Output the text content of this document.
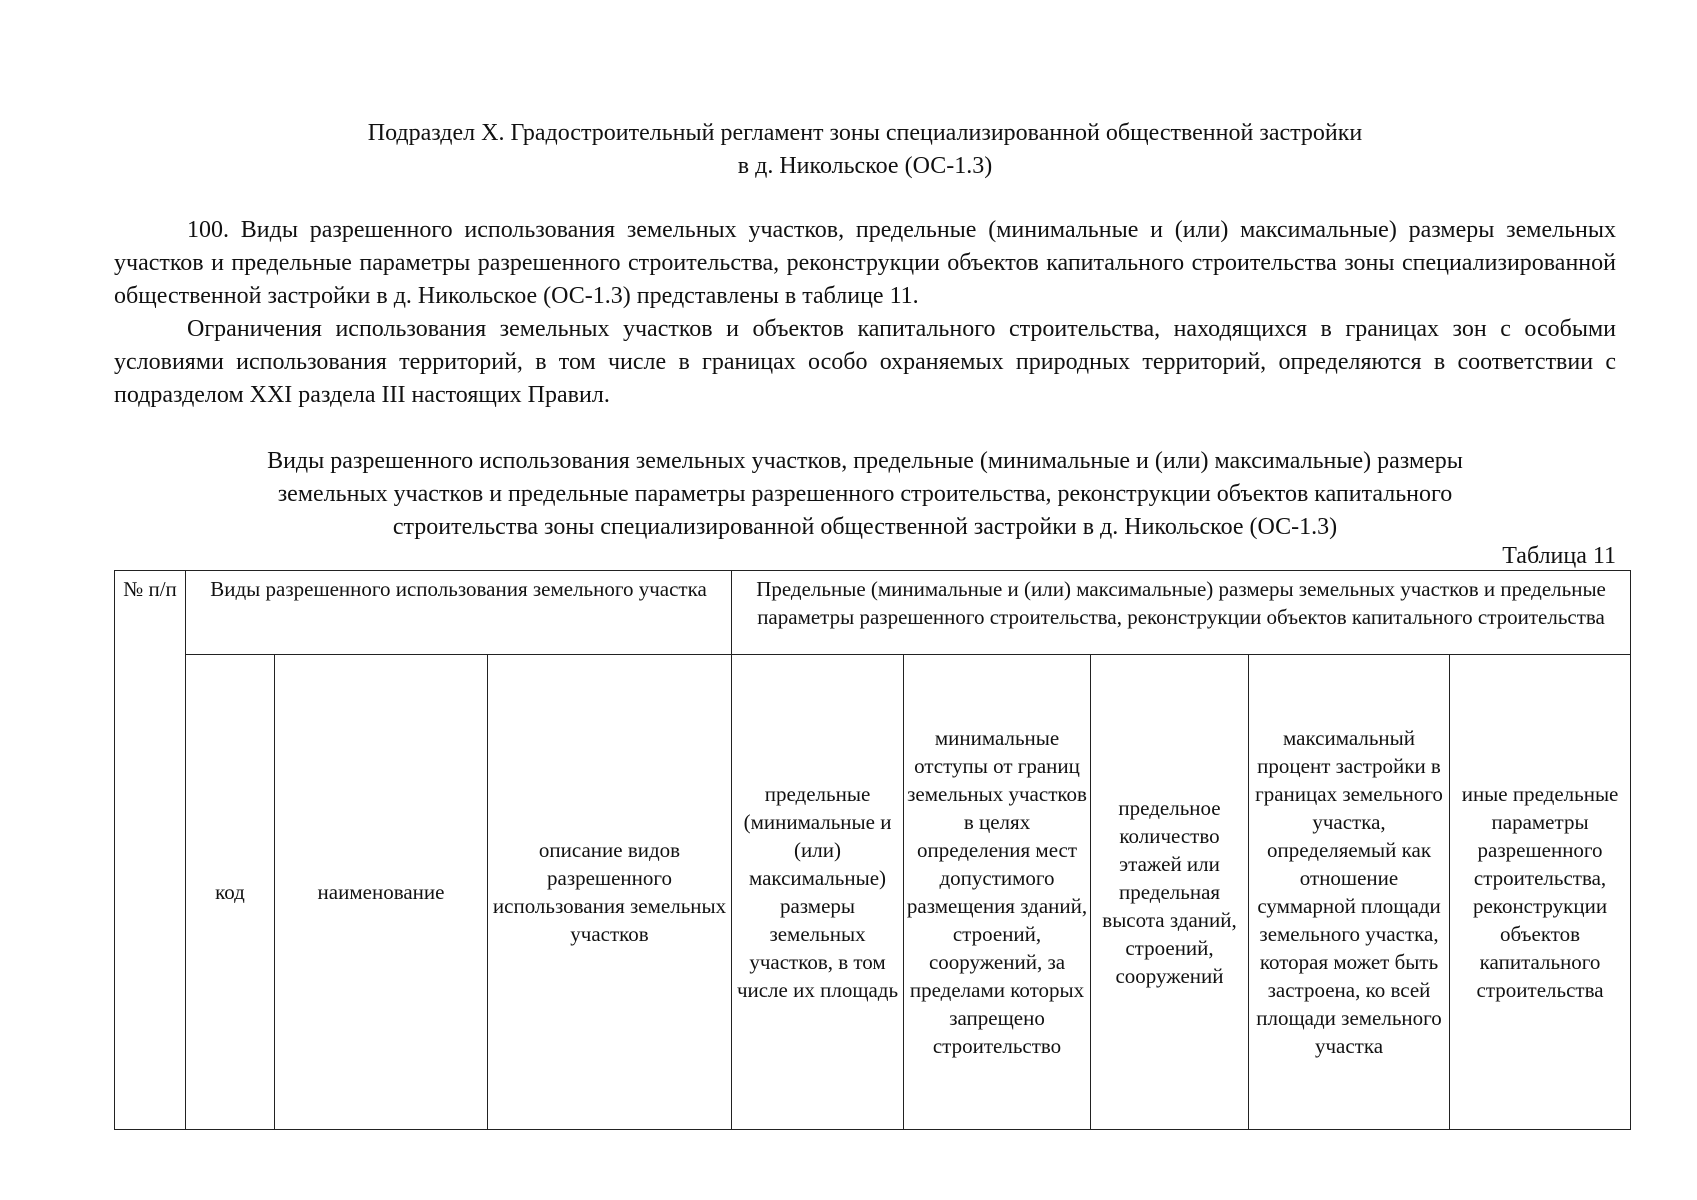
Подраздел X. Градостроительный регламент зоны специализированной общественной застройки
в д. Никольское (ОС-1.3)

100. Виды разрешенного использования земельных участков, предельные (минимальные и (или) максимальные) размеры земельных участков и предельные параметры разрешенного строительства, реконструкции объектов капитального строительства зоны специализированной общественной застройки в д. Никольское (ОС-1.3) представлены в таблице 11.

Ограничения использования земельных участков и объектов капитального строительства, находящихся в границах зон с особыми условиями использования территорий, в том числе в границах особо охраняемых природных территорий, определяются в соответствии с подразделом XXI раздела III настоящих Правил.

Виды разрешенного использования земельных участков, предельные (минимальные и (или) максимальные) размеры
земельных участков и предельные параметры разрешенного строительства, реконструкции объектов капитального
строительства зоны специализированной общественной застройки в д. Никольское (ОС-1.3)
Таблица 11
№ п/п	Виды разрешенного использования земельного участка			Предельные (минимальные и (или) максимальные) размеры земельных участков и предельные параметры разрешенного строительства, реконструкции объектов капитального строительства				
	код	наименование	описание видов разрешенного использования земельных участков	предельные (минимальные и (или) максимальные) размеры земельных участков, в том числе их площадь	минимальные отступы от границ земельных участков в целях определения мест допустимого размещения зданий, строений, сооружений, за пределами которых запрещено строительство	предельное количество этажей или предельная высота зданий, строений, сооружений	максимальный процент застройки в границах земельного участка, определяемый как отношение суммарной площади земельного участка, которая может быть застроена, ко всей площади земельного участка	иные предельные параметры разрешенного строительства, реконструкции объектов капитального строительства
